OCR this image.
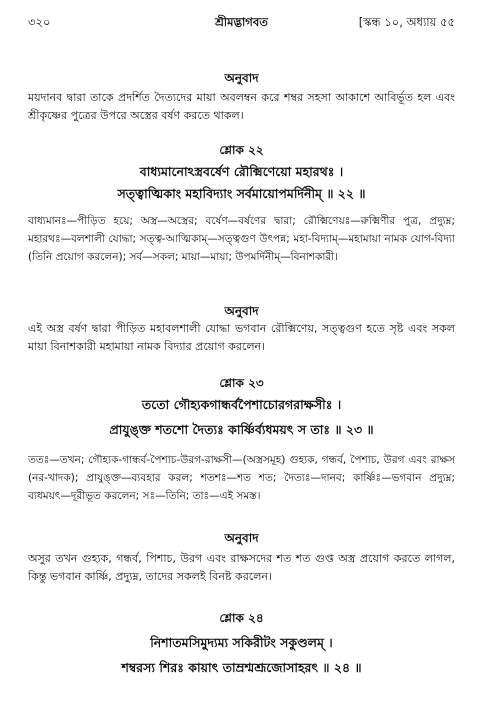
৩২০	শ্রীমদ্ভাগবত	[স্কন্ধ ১০, অধ্যায় ৫৫
অনুবাদ
ময়দানব দ্বারা তাকে প্রদর্শিত দৈত্যদের মায়া অবলম্বন করে শম্বর সহসা আকাশে আবির্ভূত হল এবং শ্রীকৃষ্ণের পুত্রের উপরে অস্ত্রের বর্ষণ করতে থাকল।
শ্লোক ২২
বাধ্যমানোঽস্ত্রবর্ষেণ রৌক্মিণেয়ো মহারথঃ ।
সত্ত্বাত্মিকাং মহাবিদ্যাং সর্বমায়োপমর্দিনীম্ ॥ ২২ ॥
বাধ্যমানঃ—পীড়িত হয়ে; অস্ত্র—অস্ত্রের; বর্ষেণ—বর্ষণের দ্বারা; রৌক্মিণেয়ঃ—রুক্মিণীর পুত্র, প্রদ্যুম্ন; মহারথঃ—বলশালী যোদ্ধা; সত্ত্ব-আত্মিকাম্—সত্ত্বগুণ উৎপন্ন; মহা-বিদ্যাম্—মহামায়া নামক যোগ-বিদ্যা (তিনি প্রয়োগ করলেন); সর্ব—সকল; মায়া—মায়া; উপমর্দিনীম্—বিনাশকারী।
অনুবাদ
এই অস্ত্র বর্ষণ দ্বারা পীড়িত মহাবলশালী যোদ্ধা ভগবান রৌক্মিণেয়, সত্ত্বগুণ হতে সৃষ্ট এবং সকল মায়া বিনাশকারী মহামায়া নামক বিদ্যার প্রয়োগ করলেন।
শ্লোক ২৩
ততো গৌহ্যকগান্ধর্বপৈশাচোরগরাক্ষসীঃ ।
প্রাযুঙ্ক্ত শতশো দৈত্যঃ কার্ষ্ণির্ব্যধময়ৎ স তাঃ ॥ ২৩ ॥
ততঃ—তখন; গৌহ্যক-গান্ধর্ব-পৈশাচ-উরগ-রাক্ষসী—(অস্ত্রসমূহ) গুহ্যক, গন্ধর্ব, পৈশাচ, উরগ এবং রাক্ষস (নর-খাদক); প্রাযুঙ্ক্ত—ব্যবহার করল; শতশঃ—শত শত; দৈত্যঃ—দানব; কার্ষ্ণিঃ—ভগবান প্রদ্যুম্ন; ব্যধময়ৎ—দূরীভূত করলেন; সঃ—তিনি; তাঃ—এই সমস্ত।
অনুবাদ
অসুর তখন গুহ্যক, গন্ধর্ব, পিশাচ, উরগ এবং রাক্ষসদের শত শত গুপ্ত অস্ত্র প্রয়োগ করতে লাগল, কিন্তু ভগবান কার্ষ্ণি, প্রদ্যুম্ন, তাদের সকলই বিনষ্ট করলেন।
শ্লোক ২৪
নিশাতমসিমুদ্যম্য সকিরীটং সকুণ্ডলম্ ।
শম্বরস্য শিরঃ কায়াৎ তাম্রশ্মশ্রূজোসাহরৎ ॥ ২৪ ॥
